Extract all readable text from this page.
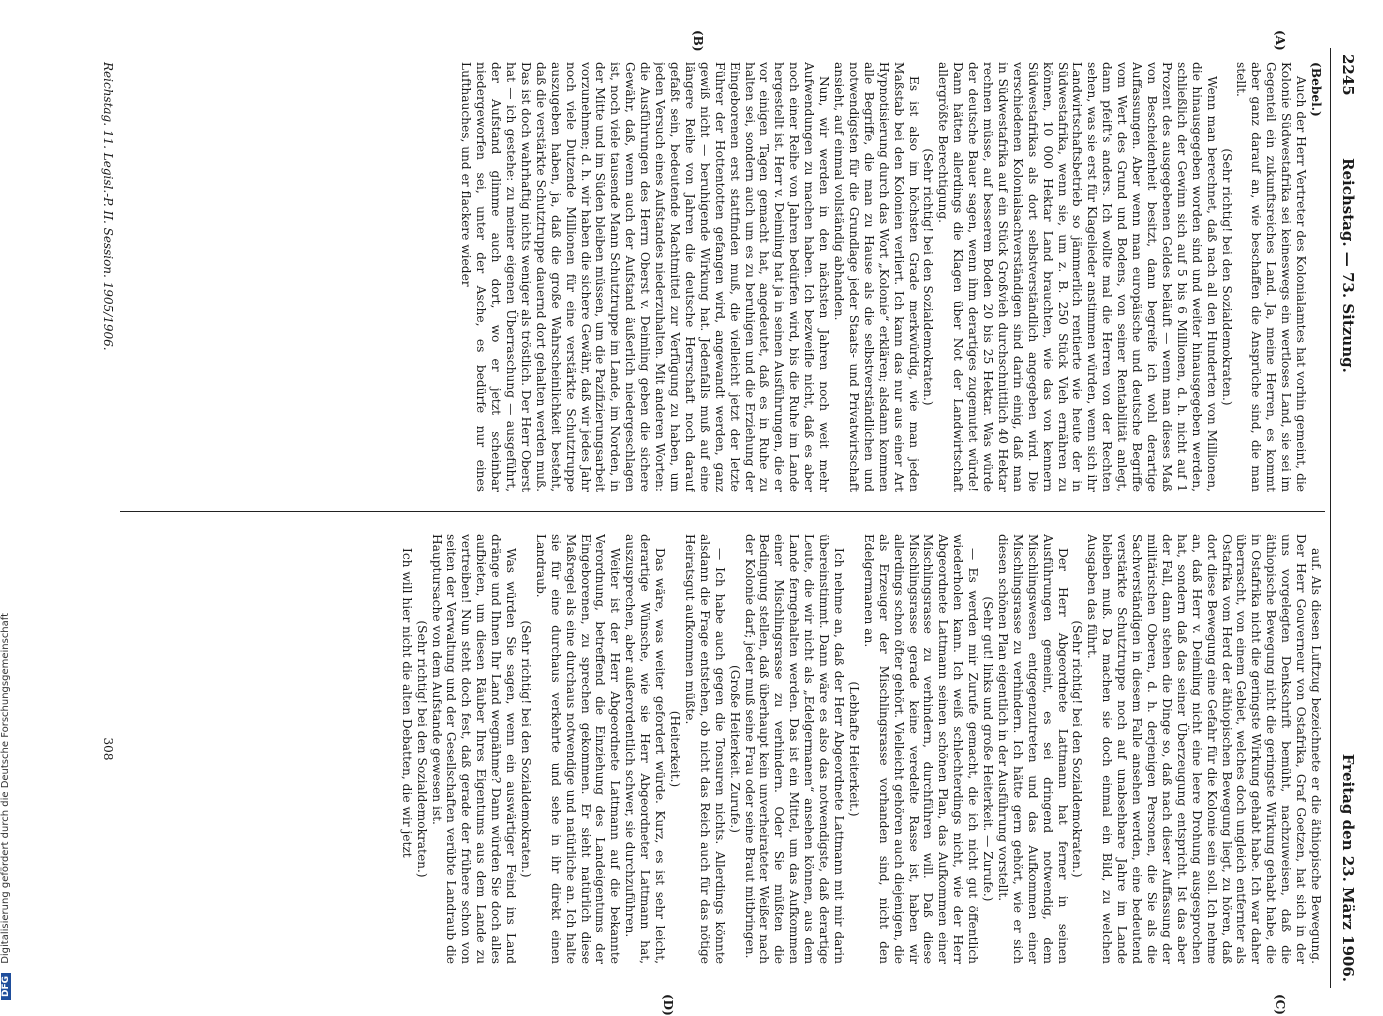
2245
Reichstag. — 73. Sitzung.
Freitag den 23. März 1906.
(A)
(B)
(C)
(D)

(Bebel.)

Auch der Herr Vertreter des Kolonialamtes hat vorhin gemeint, die Kolonie Südwestafrika sei keineswegs ein wertloses Land, sie sei im Gegenteil ein zukunftsreiches Land. Ja, meine Herren, es kommt aber ganz darauf an, wie beschaffen die Ansprüche sind, die man stellt.

(Sehr richtig! bei den Sozialdemokraten.)

Wenn man berechnet, daß nach all den Hunderten von Millionen, die hinausgegeben worden sind und weiter hinausgegeben werden, schließlich der Gewinn sich auf 5 bis 6 Millionen, d. h. nicht auf 1 Prozent des ausgegebenen Geldes beläuft — wenn man dieses Maß von Bescheidenheit besitzt, dann begreife ich wohl derartige Auffassungen. Aber wenn man europäische und deutsche Begriffe vom Wert des Grund und Bodens, von seiner Rentabilität anlegt, dann pfeift's anders. Ich wollte mal die Herren von der Rechten sehen, was sie erst für Klagelieder anstimmen würden, wenn sich ihr Landwirtschaftsbetrieb so jämmerlich rentierte wie heute der in Südwestafrika, wenn sie, um z. B. 250 Stück Vieh ernähren zu können, 10 000 Hektar Land brauchten, wie das von kennern Südwestafrikas als dort selbstverständlich angegeben wird. Die verschiedenen Kolonialsachverständigen sind darin einig, daß man in Südwestafrika auf ein Stück Großvieh durchschnittlich 40 Hektar rechnen müsse, auf besserem Boden 20 bis 25 Hektar. Was würde der deutsche Bauer sagen, wenn ihm derartiges zugemutet würde! Dann hätten allerdings die Klagen über Not der Landwirtschaft allergrößte Berechtigung.

(Sehr richtig! bei den Sozialdemokraten.)

Es ist also im höchsten Grade merkwürdig, wie man jeden Maßstab bei den Kolonien verliert. Ich kann das nur aus einer Art Hypnotisierung durch das Wort „Kolonie“ erklären; alsdann kommen alle Begriffe, die man zu Hause als die selbstverständlichen und notwendigsten für die Grundlage jeder Staats- und Privatwirtschaft ansieht, auf einmal vollständig abhanden.

Nun, wir werden in den nächsten Jahren noch weit mehr Aufwendungen zu machen haben. Ich bezweifle nicht, daß es aber noch einer Reihe von Jahren bedürfen wird, bis die Ruhe im Lande hergestellt ist. Herr v. Deimling hat ja in seinen Ausführungen, die er vor einigen Tagen gemacht hat, angedeutet, daß es in Ruhe zu halten sei, sondern auch um es zu beruhigen und die Erziehung der Eingeborenen erst stattfinden muß, die vielleicht jetzt der letzte Führer der Hottentotten gefangen wird, angewandt werden, ganz gewiß nicht — beruhigende Wirkung hat. Jedenfalls muß auf eine längere Reihe von Jahren die deutsche Herrschaft noch darauf gefaßt sein, bedeutende Machtmittel zur Verfügung zu haben, um jeden Versuch eines Aufstandes niederzuhalten. Mit anderen Worten: die Ausführungen des Herrn Oberst v. Deimling geben die sichere Gewähr, daß, wenn auch der Aufstand äußerlich niedergeschlagen ist, noch viele tausende Mann Schutztruppe im Lande, im Norden, in der Mitte und im Süden bleiben müssen, um die Pazifizierungsarbeit vorzunehmen; d. h. wir haben die sichere Gewähr, daß wir jedes Jahr noch viele Dutzende Millionen für eine verstärkte Schutztruppe auszugeben haben, ja, daß die große Wahrscheinlichkeit besteht, daß die verstärkte Schutztruppe dauernd dort gehalten werden muß. Das ist doch wahrhaftig nichts weniger als tröstlich. Der Herr Oberst hat — ich gestehe: zu meiner eigenen Überraschung — ausgeführt, der Aufstand glimme auch dort, wo er jetzt scheinbar niedergeworfen sei, unter der Asche, es bedürfe nur eines Lufthauches, und er flackere wieder

auf. Als diesen Luftzug bezeichnete er die äthiopische Bewegung. Der Herr Gouverneur von Ostafrika, Graf Goetzen, hat sich in der uns vorgelegten Denkschrift bemüht, nachzuweisen, daß die äthiopische Bewegung nicht die geringste Wirkung gehabt habe, die in Ostafrika nicht die geringste Wirkung gehabt habe. Ich war daher überrascht, von einem Gebiet, welches doch ungleich entfernter als Ostafrika vom Herd der äthiopischen Bewegung liegt, zu hören, daß dort diese Bewegung eine Gefahr für die Kolonie sein soll. Ich nehme an, daß Herr v. Deimling nicht eine leere Drohung ausgesprochen hat, sondern daß das seiner Überzeugung entspricht. Ist das aber der Fall, dann stehen die Dinge so, daß nach dieser Auffassung der militärischen Oberen, d. h. derjenigen Personen, die Sie als die Sachverständigen in diesem Falle ansehen werden, eine bedeutend verstärkte Schutztruppe noch auf unabsehbare Jahre im Lande bleiben muß. Da machen sie doch einmal ein Bild, zu welchen Ausgaben das führt.

(Sehr richtig! bei den Sozialdemokraten.)

Der Herr Abgeordnete Lattmann hat ferner in seinen Ausführungen gemeint, es sei dringend notwendig, dem Mischlingswesen entgegenzutreten und das Aufkommen einer Mischlingsrasse zu verhindern. Ich hätte gern gehört, wie er sich diesen schönen Plan eigentlich in der Ausführung vorstellt.

(Sehr gut! links und große Heiterkeit. — Zurufe.)

— Es werden mir Zurufe gemacht, die ich nicht gut öffentlich wiederholen kann. Ich weiß schlechterdings nicht, wie der Herr Abgeordnete Lattmann seinen schönen Plan, das Aufkommen einer Mischlingsrasse zu verhindern, durchführen will. Daß diese Mischlingsrasse gerade keine veredelte Rasse ist, haben wir allerdings schon öfter gehört. Vielleicht gehören auch diejenigen, die als Erzeuger der Mischlingsrasse vorhanden sind, nicht den Edelgermanen an.

(Lebhafte Heiterkeit.)

Ich nehme an, daß der Herr Abgeordnete Lattmann mit mir darin übereinstimmt. Dann wäre es also das notwendigste, daß derartige Leute, die wir nicht als „Edelgermanen“ ansehen können, aus dem Lande ferngehalten werden. Das ist ein Mittel, um das Aufkommen einer Mischlingsrasse zu verhindern. Oder Sie müßten die Bedingung stellen, daß überhaupt kein unverheirateter Weißer nach der Kolonie darf; jeder muß seine Frau oder seine Braut mitbringen.

(Große Heiterkeit. Zurufe.)

— Ich habe auch gegen die Tonsuren nichts. Allerdings könnte alsdann die Frage entstehen, ob nicht das Reich auch für das nötige Heiratsgut aufkommen müßte.

(Heiterkeit.)

Das wäre, was weiter gefordert würde. Kurz, es ist sehr leicht, derartige Wünsche, wie sie Herr Abgeordneter Lattmann hat, auszusprechen, aber außerordentlich schwer, sie durchzuführen.

Weiter ist der Herr Abgeordnete Lattmann auf die bekannte Verordnung, betreffend die Einziehung des Landeigentums der Eingeborenen, zu sprechen gekommen. Er sieht natürlich diese Maßregel als eine durchaus notwendige und natürliche an. Ich halte sie für eine durchaus verkehrte und sehe in ihr direkt einen Landraub.

(Sehr richtig! bei den Sozialdemokraten.)

Was würden Sie sagen, wenn ein auswärtiger Feind ins Land dränge und Ihnen Ihr Land wegnähme? Dann würden Sie doch alles aufbieten, um diesen Räuber Ihres Eigentums aus dem Lande zu vertreiben! Nun steht doch fest, daß gerade der frühere schon von seiten der Verwaltung und der Gesellschaften verübte Landraub die Hauptursache von dem Aufstande gewesen ist.

(Sehr richtig! bei den Sozialdemokraten.)

Ich will hier nicht die alten Debatten, die wir jetzt

Reichstag. 11. Legisl.-P. II. Session. 1905/1906.
308
DFG Digitalisierung gefördert durch die Deutsche Forschungsgemeinschaft
